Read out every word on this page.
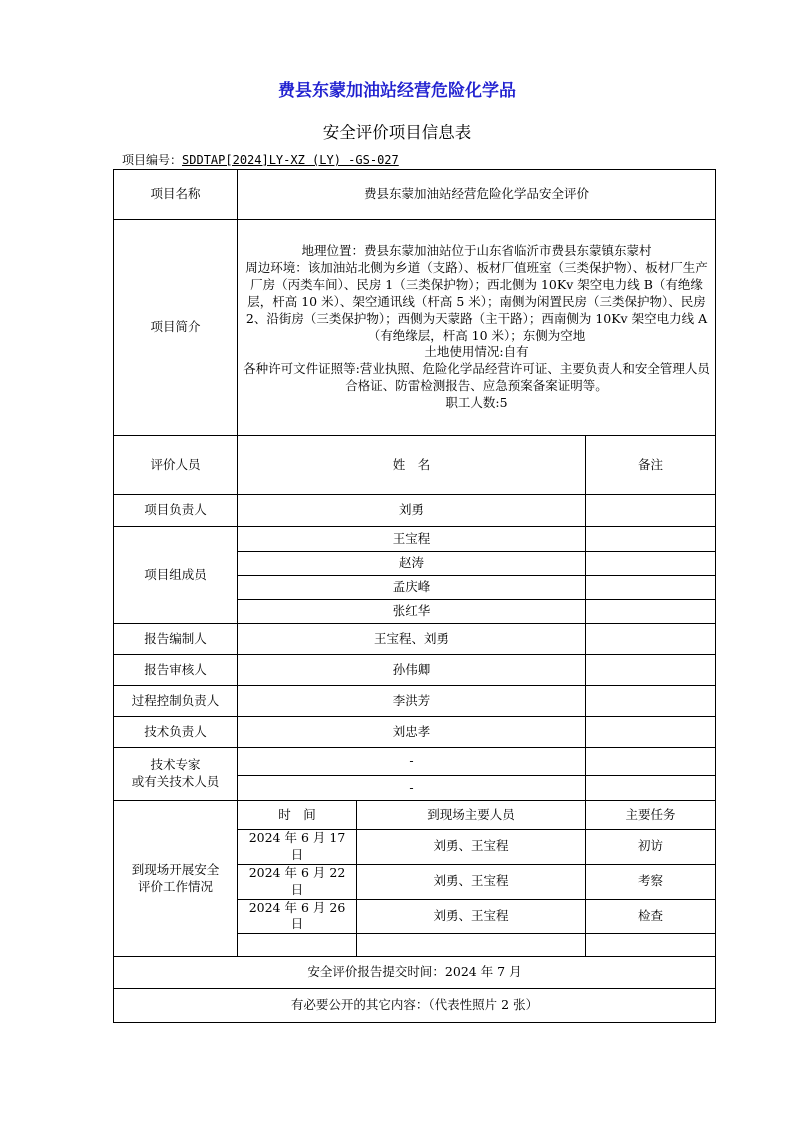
费县东蒙加油站经营危险化学品
安全评价项目信息表
项目编号：SDDTAP[2024]LY-XZ (LY) -GS-027
项目名称	费县东蒙加油站经营危险化学品安全评价		
项目简介	地理位置：费县东蒙加油站位于山东省临沂市费县东蒙镇东蒙村

周边环境：该加油站北侧为乡道（支路）、板材厂值班室（三类保护物）、板材厂生产厂房（丙类车间）、民房 1（三类保护物）；西北侧为 10Kv 架空电力线 B（有绝缘层，杆高 10 米）、架空通讯线（杆高 5 米）；南侧为闲置民房（三类保护物）、民房 2、沿街房（三类保护物）；西侧为天蒙路（主干路）；西南侧为 10Kv 架空电力线 A（有绝缘层，杆高 10 米）；东侧为空地

土地使用情况:自有

各种许可文件证照等:营业执照、危险化学品经营许可证、主要负责人和安全管理人员合格证、防雷检测报告、应急预案备案证明等。

职工人数:5		

评价人员	姓　名		备注
项目负责人	刘勇		
项目组成员	王宝程		
	赵涛		
	孟庆峰		
	张红华		
报告编制人	王宝程、刘勇		
报告审核人	孙伟卿		
过程控制负责人	李洪芳		
技术负责人	刘忠孝		

技术专家
或有关技术人员	-		
	-		

到现场开展安全
评价工作情况	时　间	到现场主要人员	主要任务
	2024 年 6 月 17 日	刘勇、王宝程	初访
	2024 年 6 月 22 日	刘勇、王宝程	考察
	2024 年 6 月 26 日	刘勇、王宝程	检查

安全评价报告提交时间：2024 年 7 月			
有必要公开的其它内容：（代表性照片 2 张）			
